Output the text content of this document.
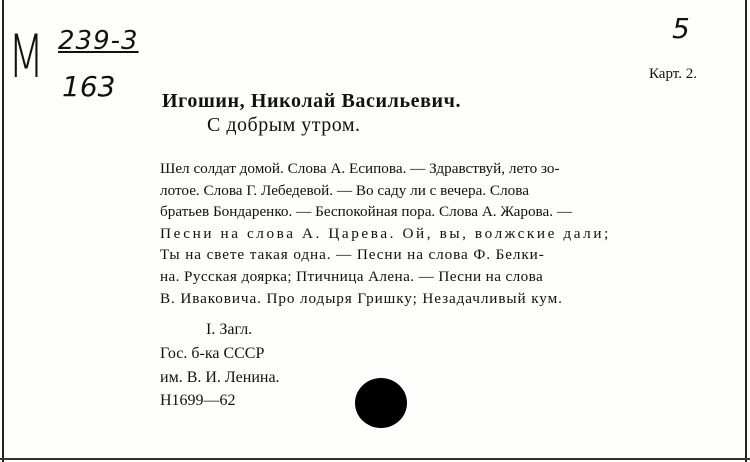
М 239-3
163
5
Карт. 2.
Игошин, Николай Васильевич.
С добрым утром.
Шел солдат домой. Слова А. Есипова. — Здравствуй, лето зо-
лотое. Слова Г. Лебедевой. — Во саду ли с вечера. Слова
братьев Бондаренко. — Беспокойная пора. Слова А. Жарова. —
Песни на слова А. Царева. Ой, вы, волжские дали;
Ты на свете такая одна. — Песни на слова Ф. Белки-
на. Русская доярка; Птичница Алена. — Песни на слова
В. Иваковича. Про лодыря Гришку; Незадачливый кум.
I. Загл.
Гос. б-ка СССР
им. В. И. Ленина.
Н1699—62
